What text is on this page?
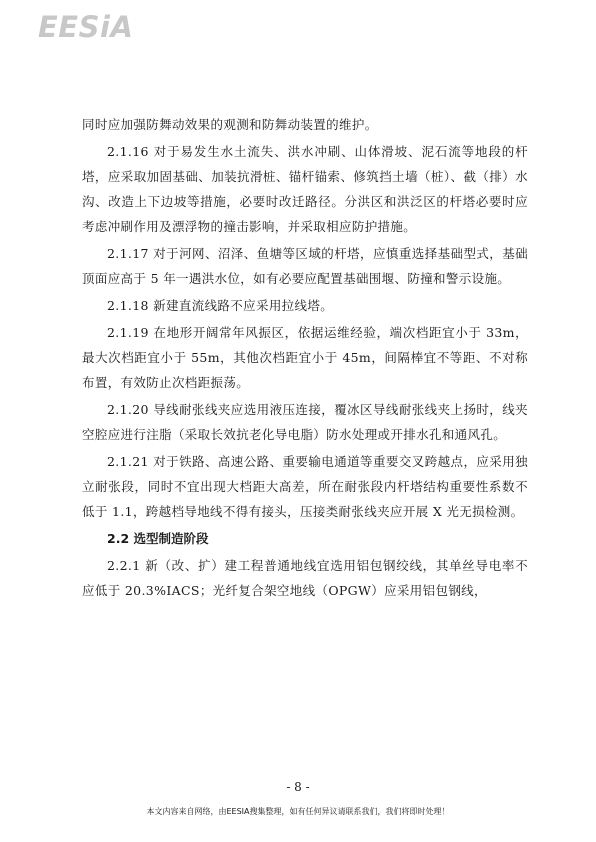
EESiA

同时应加强防舞动效果的观测和防舞动装置的维护。

2.1.16 对于易发生水土流失、洪水冲刷、山体滑坡、泥石流等地段的杆塔，应采取加固基础、加装抗滑桩、锚杆锚索、修筑挡土墙（桩）、截（排）水沟、改造上下边坡等措施，必要时改迁路径。分洪区和洪泛区的杆塔必要时应考虑冲刷作用及漂浮物的撞击影响，并采取相应防护措施。

2.1.17 对于河网、沼泽、鱼塘等区域的杆塔，应慎重选择基础型式，基础顶面应高于 5 年一遇洪水位，如有必要应配置基础围堰、防撞和警示设施。

2.1.18 新建直流线路不应采用拉线塔。

2.1.19 在地形开阔常年风振区，依据运维经验，端次档距宜小于 33m，最大次档距宜小于 55m，其他次档距宜小于 45m，间隔棒宜不等距、不对称布置，有效防止次档距振荡。

2.1.20 导线耐张线夹应选用液压连接，覆冰区导线耐张线夹上扬时，线夹空腔应进行注脂（采取长效抗老化导电脂）防水处理或开排水孔和通风孔。

2.1.21 对于铁路、高速公路、重要输电通道等重要交叉跨越点，应采用独立耐张段，同时不宜出现大档距大高差，所在耐张段内杆塔结构重要性系数不低于 1.1，跨越档导地线不得有接头，压接类耐张线夹应开展 X 光无损检测。

2.2 选型制造阶段

2.2.1 新（改、扩）建工程普通地线宜选用铝包钢绞线，其单丝导电率不应低于 20.3%IACS；光纤复合架空地线（OPGW）应采用铝包钢线，

- 8 -
本文内容来自网络，由EESIA搜集整理，如有任何异议请联系我们，我们将即时处理！
